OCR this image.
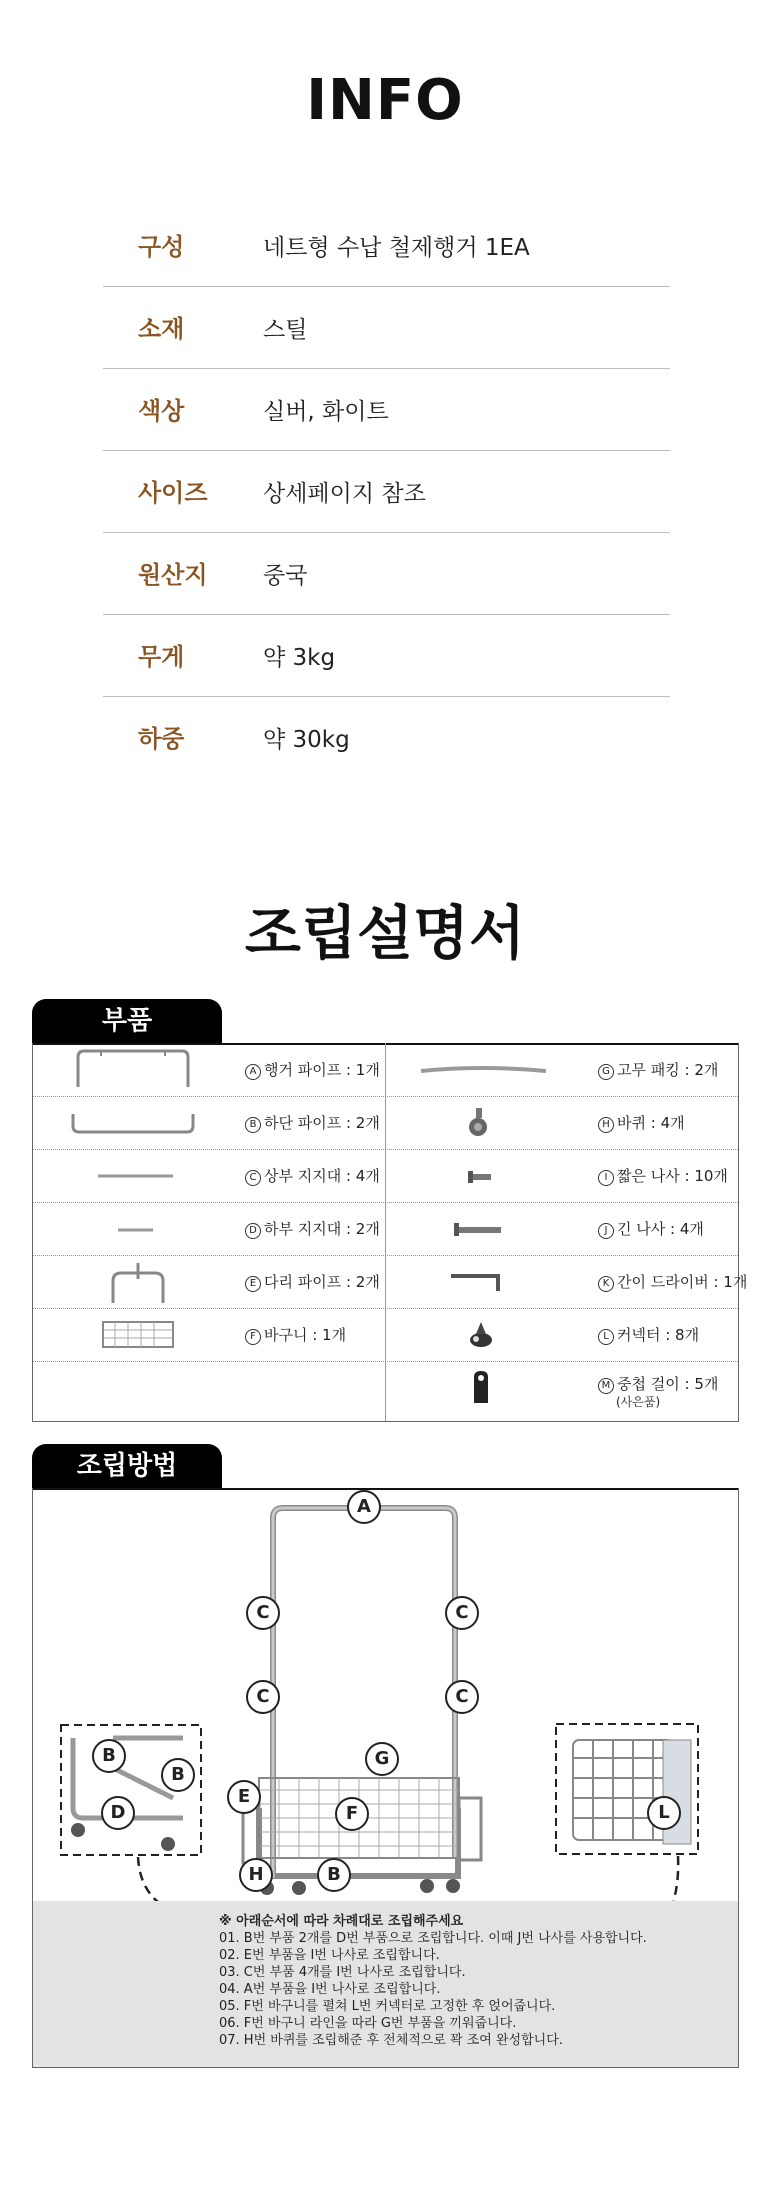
INFO
구성	네트형 수납 철제행거 1EA
소재	스틸
색상	실버, 화이트
사이즈 상세페이지 참조
원산지 중국
무게	약 3kg
하중	약 30kg
조립설명서
부품
A 행거 파이프 : 1개	G 고무 패킹 : 2개
B 하단 파이프 : 2개	H 바퀴 : 4개
C 상부 지지대 : 4개	I 짧은 나사 : 10개
D 하부 지지대 : 2개	J 긴 나사 : 4개
E 다리 파이프 : 2개	K 간이 드라이버 : 1개
F 바구니 : 1개	L 커넥터 : 8개
M 중첩 걸이 : 5개
(사은품)
조립방법
A
C	C
C	C
G
E
F
H	B
B
B
D	L
※ 아래순서에 따라 차례대로 조립해주세요
01. B번 부품 2개를 D번 부품으로 조립합니다. 이때 J번 나사를 사용합니다.
02. E번 부품을 I번 나사로 조립합니다.
03. C번 부품 4개를 I번 나사로 조립합니다.
04. A번 부품을 I번 나사로 조립합니다.
05. F번 바구니를 펼쳐 L번 커넥터로 고정한 후 얹어줍니다.
06. F번 바구니 라인을 따라 G번 부품을 끼워줍니다.
07. H번 바퀴를 조립해준 후 전체적으로 꽉 조여 완성합니다.
